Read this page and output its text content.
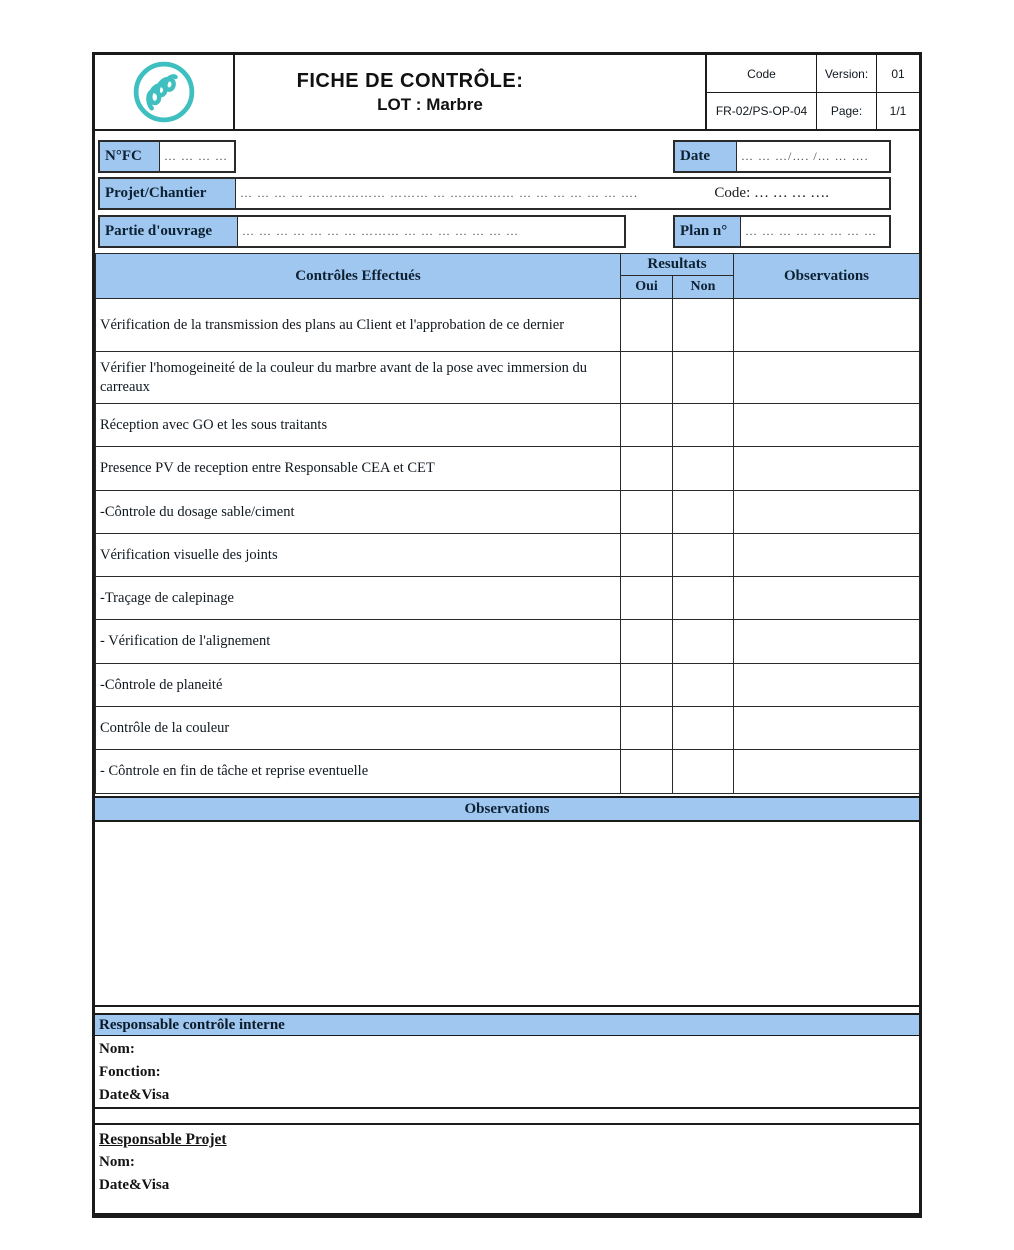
FICHE DE CONTRÔLE:
LOT : Marbre
Code	Version:	01
FR-02/PS-OP-04	Page:	1/1
N°FC	… … … …	Date	… … …/…. /… … ….
Projet/Chantier	… … … … ……………… ……… … …………… … … … … … … ….	Code: … … … ….
Partie d'ouvrage	… … … … … … … ……… … … … … … … …	Plan n°	… … … … … … … …
Contrôles Effectués	Resultats		Observations
	Oui	Non	
Vérification de la transmission des plans au Client et l'approbation de ce dernier			
Vérifier l'homogeineité de la couleur du marbre avant de la pose avec immersion du carreaux			
Réception avec GO et les sous traitants			
Presence PV de reception entre Responsable CEA et CET			
-Côntrole du dosage sable/ciment			
Vérification visuelle des joints			
-Traçage de calepinage			
- Vérification de l'alignement			
-Côntrole de planeité			
Contrôle de la couleur			
- Côntrole en fin de tâche et reprise eventuelle			
Observations
Responsable contrôle interne
Nom:
Fonction:
Date&Visa
Responsable Projet
Nom:
Date&Visa
